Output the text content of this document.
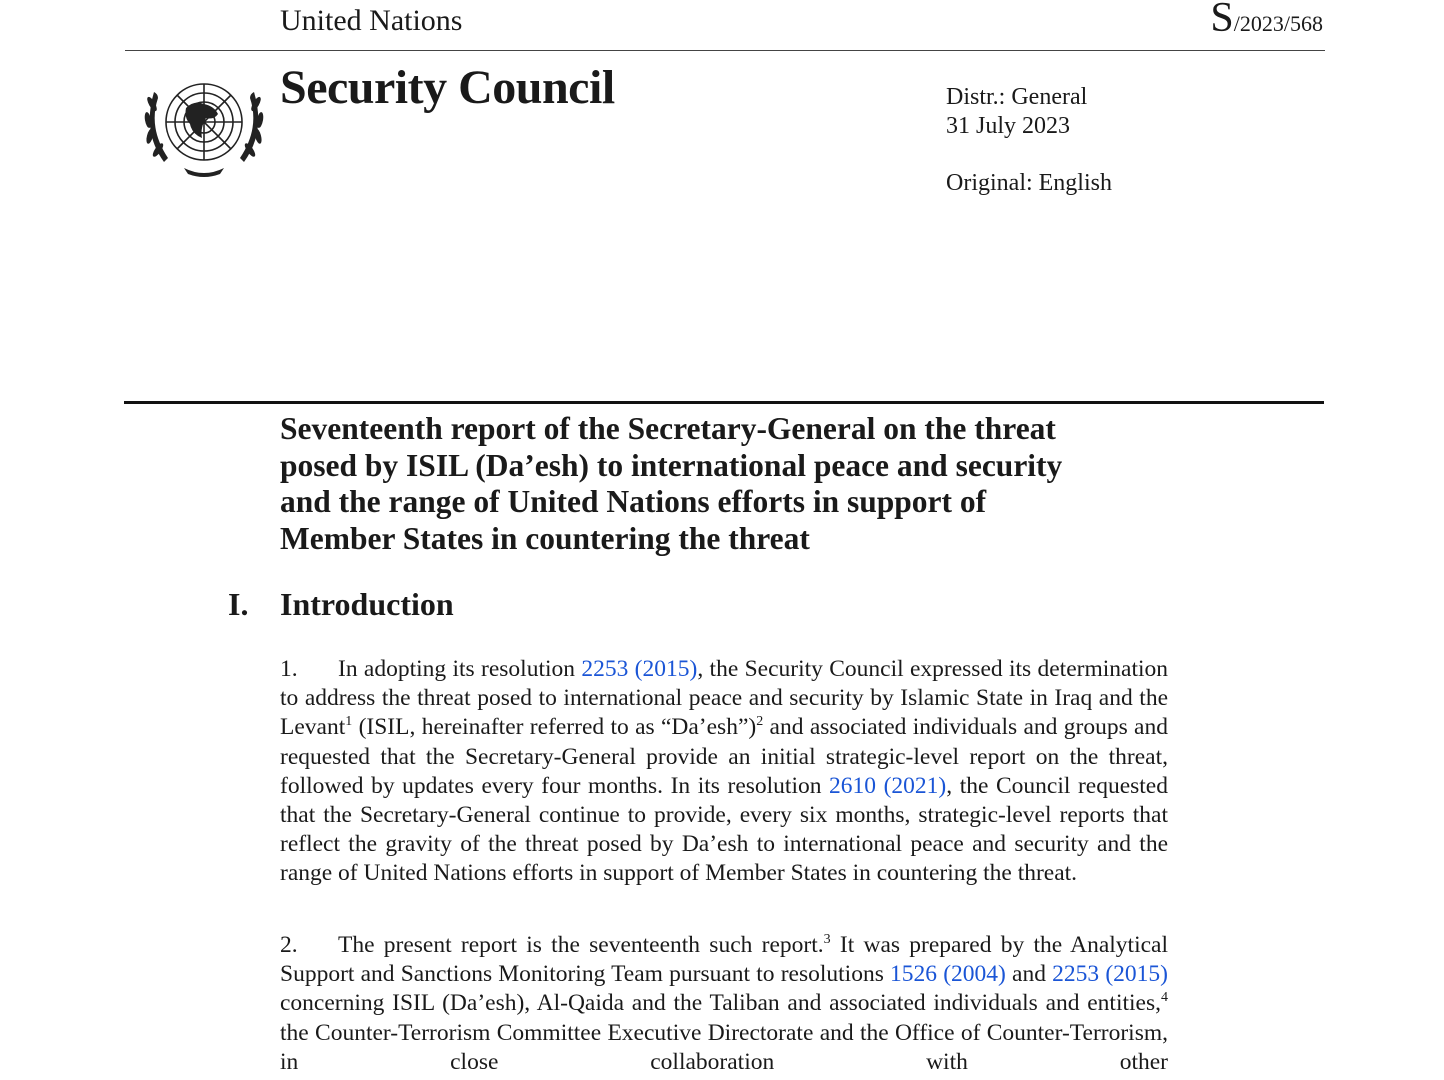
United Nations	S/2023/568
Security Council	Distr.: General
31 July 2023
Original: English
Seventeenth report of the Secretary-General on the threat
posed by ISIL (Da’esh) to international peace and security
and the range of United Nations efforts in support of
Member States in countering the threat
I. Introduction
1. In adopting its resolution 2253 (2015), the Security Council expressed its determination to address the threat posed to international peace and security by Islamic State in Iraq and the Levant$^1$ (ISIL, hereinafter referred to as “Da’esh”)$^2$ and associated individuals and groups and requested that the Secretary-General provide an initial strategic-level report on the threat, followed by updates every four months. In its resolution 2610 (2021), the Council requested that the Secretary-General continue to provide, every six months, strategic-level reports that reflect the gravity of the threat posed by Da’esh to international peace and security and the range of United Nations efforts in support of Member States in countering the threat.
2. The present report is the seventeenth such report.$^3$ It was prepared by the Analytical Support and Sanctions Monitoring Team pursuant to resolutions 1526 (2004) and 2253 (2015) concerning ISIL (Da’esh), Al-Qaida and the Taliban and associated individuals and entities,$^4$ the Counter-Terrorism Committee Executive Directorate and the Office of Counter-Terrorism, in close collaboration with other
